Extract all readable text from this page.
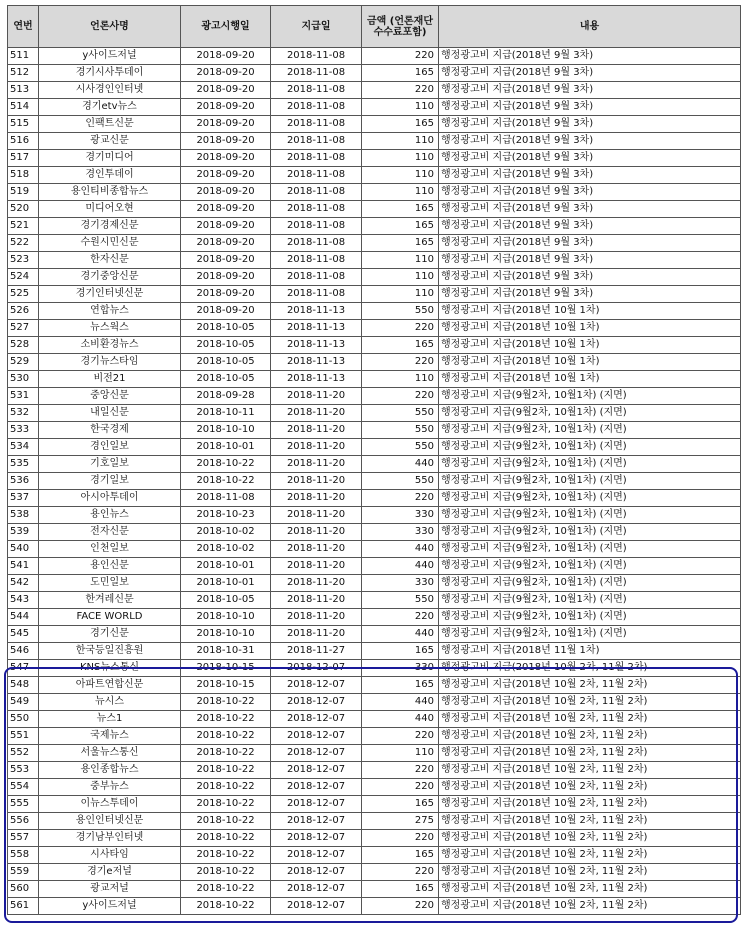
연번	언론사명	광고시행일	지급일	금액 (언론재단 수수료포함)	내용
511	y사이드저널	2018-09-20	2018-11-08	220	행정광고비 지급(2018년 9월 3차)
512	경기시사투데이	2018-09-20	2018-11-08	165	행정광고비 지급(2018년 9월 3차)
513	시사경인인터넷	2018-09-20	2018-11-08	220	행정광고비 지급(2018년 9월 3차)
514	경기etv뉴스	2018-09-20	2018-11-08	110	행정광고비 지급(2018년 9월 3차)
515	인팩트신문	2018-09-20	2018-11-08	165	행정광고비 지급(2018년 9월 3차)
516	광교신문	2018-09-20	2018-11-08	110	행정광고비 지급(2018년 9월 3차)
517	경기미디어	2018-09-20	2018-11-08	110	행정광고비 지급(2018년 9월 3차)
518	경인투데이	2018-09-20	2018-11-08	110	행정광고비 지급(2018년 9월 3차)
519	용인티비종합뉴스	2018-09-20	2018-11-08	110	행정광고비 지급(2018년 9월 3차)
520	미디어오현	2018-09-20	2018-11-08	165	행정광고비 지급(2018년 9월 3차)
521	경기경제신문	2018-09-20	2018-11-08	165	행정광고비 지급(2018년 9월 3차)
522	수원시민신문	2018-09-20	2018-11-08	165	행정광고비 지급(2018년 9월 3차)
523	한자신문	2018-09-20	2018-11-08	110	행정광고비 지급(2018년 9월 3차)
524	경기중앙신문	2018-09-20	2018-11-08	110	행정광고비 지급(2018년 9월 3차)
525	경기인터넷신문	2018-09-20	2018-11-08	110	행정광고비 지급(2018년 9월 3차)
526	연합뉴스	2018-09-20	2018-11-13	550	행정광고비 지급(2018년 10월 1차)
527	뉴스웍스	2018-10-05	2018-11-13	220	행정광고비 지급(2018년 10월 1차)
528	소비환경뉴스	2018-10-05	2018-11-13	165	행정광고비 지급(2018년 10월 1차)
529	경기뉴스타임	2018-10-05	2018-11-13	220	행정광고비 지급(2018년 10월 1차)
530	비전21	2018-10-05	2018-11-13	110	행정광고비 지급(2018년 10월 1차)
531	중앙신문	2018-09-28	2018-11-20	220	행정광고비 지급(9월2차, 10월1차) (지면)
532	내일신문	2018-10-11	2018-11-20	550	행정광고비 지급(9월2차, 10월1차) (지면)
533	한국경제	2018-10-10	2018-11-20	550	행정광고비 지급(9월2차, 10월1차) (지면)
534	경인일보	2018-10-01	2018-11-20	550	행정광고비 지급(9월2차, 10월1차) (지면)
535	기호일보	2018-10-22	2018-11-20	440	행정광고비 지급(9월2차, 10월1차) (지면)
536	경기일보	2018-10-22	2018-11-20	550	행정광고비 지급(9월2차, 10월1차) (지면)
537	아시아투데이	2018-11-08	2018-11-20	220	행정광고비 지급(9월2차, 10월1차) (지면)
538	용인뉴스	2018-10-23	2018-11-20	330	행정광고비 지급(9월2차, 10월1차) (지면)
539	전자신문	2018-10-02	2018-11-20	330	행정광고비 지급(9월2차, 10월1차) (지면)
540	인천일보	2018-10-02	2018-11-20	440	행정광고비 지급(9월2차, 10월1차) (지면)
541	용인신문	2018-10-01	2018-11-20	440	행정광고비 지급(9월2차, 10월1차) (지면)
542	도민일보	2018-10-01	2018-11-20	330	행정광고비 지급(9월2차, 10월1차) (지면)
543	한겨레신문	2018-10-05	2018-11-20	550	행정광고비 지급(9월2차, 10월1차) (지면)
544	FACE WORLD	2018-10-10	2018-11-20	220	행정광고비 지급(9월2차, 10월1차) (지면)
545	경기신문	2018-10-10	2018-11-20	440	행정광고비 지급(9월2차, 10월1차) (지면)
546	한국등일진흥원	2018-10-31	2018-11-27	165	행정광고비 지급(2018년 11월 1차)
547	KNS뉴스통신	2018-10-15	2018-12-07	330	행정광고비 지급(2018년 10월 2차, 11월 2차)
548	아파트연합신문	2018-10-15	2018-12-07	165	행정광고비 지급(2018년 10월 2차, 11월 2차)
549	뉴시스	2018-10-22	2018-12-07	440	행정광고비 지급(2018년 10월 2차, 11월 2차)
550	뉴스1	2018-10-22	2018-12-07	440	행정광고비 지급(2018년 10월 2차, 11월 2차)
551	국제뉴스	2018-10-22	2018-12-07	220	행정광고비 지급(2018년 10월 2차, 11월 2차)
552	서울뉴스통신	2018-10-22	2018-12-07	110	행정광고비 지급(2018년 10월 2차, 11월 2차)
553	용인종합뉴스	2018-10-22	2018-12-07	220	행정광고비 지급(2018년 10월 2차, 11월 2차)
554	중부뉴스	2018-10-22	2018-12-07	220	행정광고비 지급(2018년 10월 2차, 11월 2차)
555	이뉴스투데이	2018-10-22	2018-12-07	165	행정광고비 지급(2018년 10월 2차, 11월 2차)
556	용인인터넷신문	2018-10-22	2018-12-07	275	행정광고비 지급(2018년 10월 2차, 11월 2차)
557	경기남부인터넷	2018-10-22	2018-12-07	220	행정광고비 지급(2018년 10월 2차, 11월 2차)
558	시사타임	2018-10-22	2018-12-07	165	행정광고비 지급(2018년 10월 2차, 11월 2차)
559	경기e저널	2018-10-22	2018-12-07	220	행정광고비 지급(2018년 10월 2차, 11월 2차)
560	광교저널	2018-10-22	2018-12-07	165	행정광고비 지급(2018년 10월 2차, 11월 2차)
561	y사이드저널	2018-10-22	2018-12-07	220	행정광고비 지급(2018년 10월 2차, 11월 2차)
